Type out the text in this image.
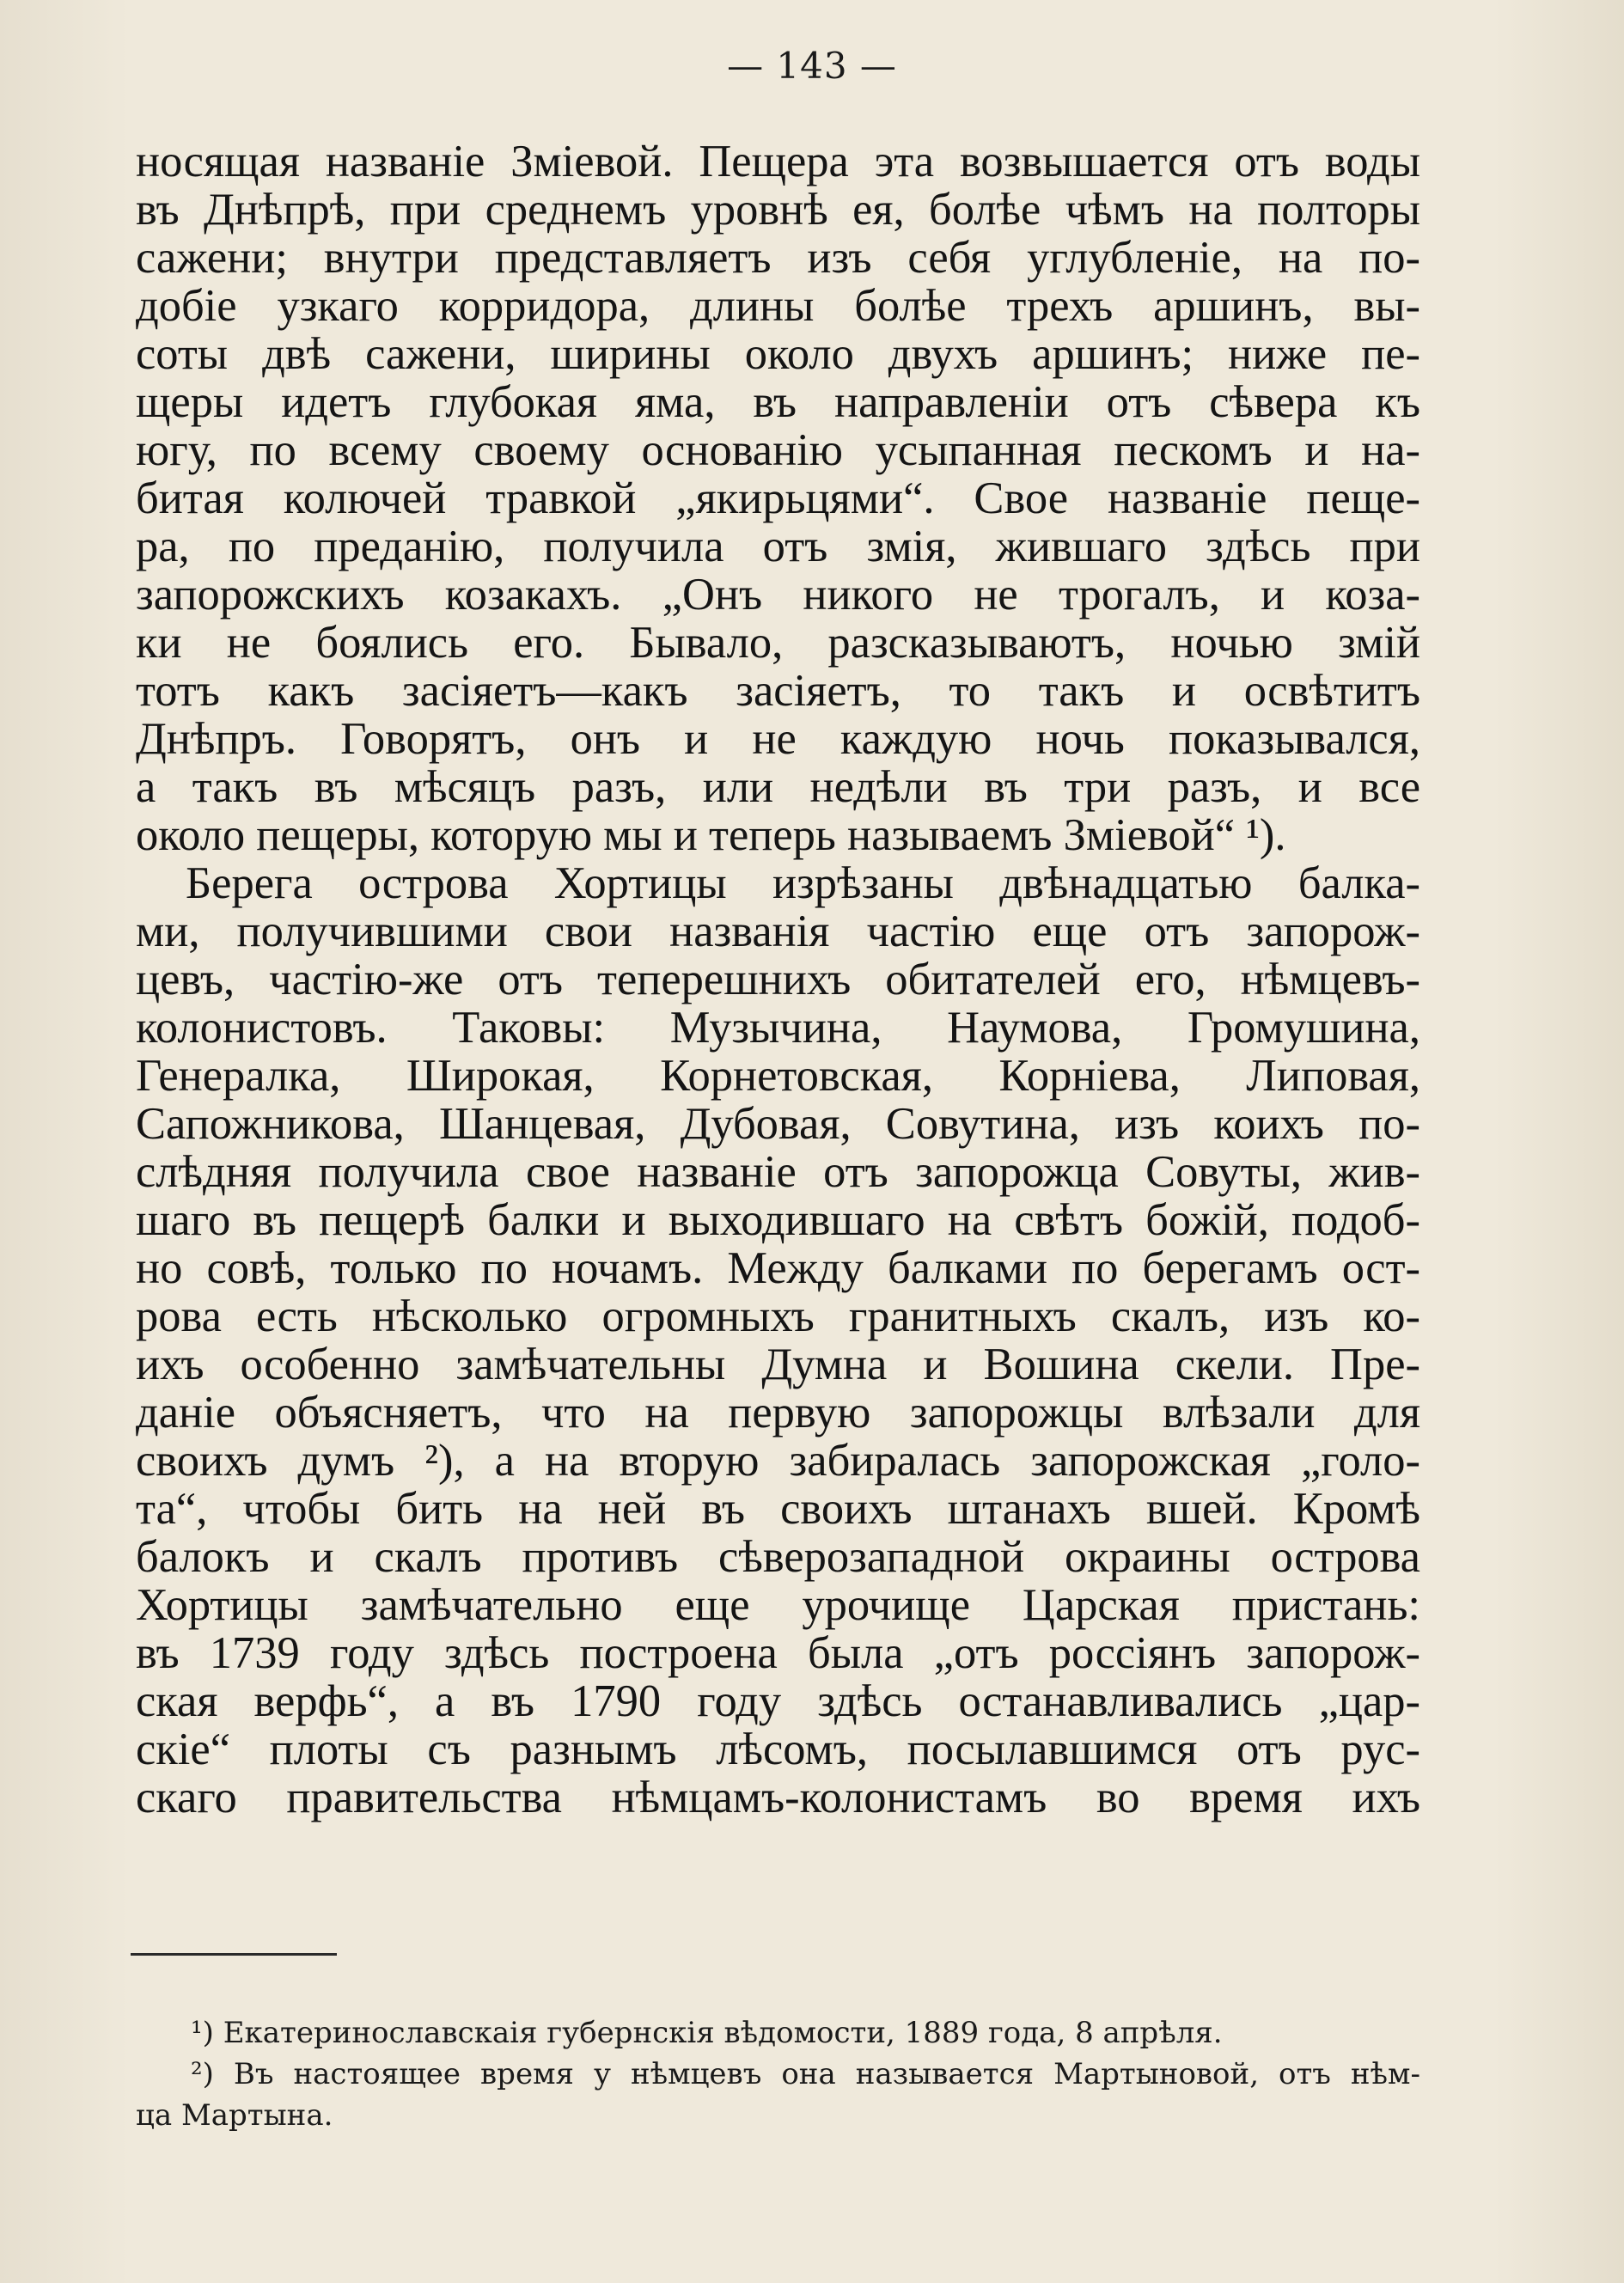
— 143 —
носящая названіе Зміевой. Пещера эта возвышается отъ воды
въ Днѣпрѣ, при среднемъ уровнѣ ея, болѣе чѣмъ на полторы
сажени; внутри представляетъ изъ себя углубленіе, на по-
добіе узкаго корридора, длины болѣе трехъ аршинъ, вы-
соты двѣ сажени, ширины около двухъ аршинъ; ниже пе-
щеры идетъ глубокая яма, въ направленіи отъ сѣвера къ
югу, по всему своему основанію усыпанная пескомъ и на-
битая колючей травкой „якирьцями“. Свое названіе пеще-
ра, по преданію, получила отъ змія, жившаго здѣсь при
запорожскихъ козакахъ. „Онъ никого не трогалъ, и коза-
ки не боялись его. Бывало, разсказываютъ, ночью змій
тотъ какъ засіяетъ—какъ засіяетъ, то такъ и освѣтитъ
Днѣпръ. Говорятъ, онъ и не каждую ночь показывался,
а такъ въ мѣсяцъ разъ, или недѣли въ три разъ, и все
около пещеры, которую мы и теперь называемъ Зміевой“ ¹).
Берега острова Хортицы изрѣзаны двѣнадцатью балка-
ми, получившими свои названія частію еще отъ запорож-
цевъ, частію-же отъ теперешнихъ обитателей его, нѣмцевъ-
колонистовъ. Таковы: Музычина, Наумова, Громушина,
Генералка, Широкая, Корнетовская, Корніева, Липовая,
Сапожникова, Шанцевая, Дубовая, Совутина, изъ коихъ по-
слѣдняя получила свое названіе отъ запорожца Совуты, жив-
шаго въ пещерѣ балки и выходившаго на свѣтъ божій, подоб-
но совѣ, только по ночамъ. Между балками по берегамъ ост-
рова есть нѣсколько огромныхъ гранитныхъ скалъ, изъ ко-
ихъ особенно замѣчательны Думна и Вошина скели. Пре-
даніе объясняетъ, что на первую запорожцы влѣзали для
своихъ думъ ²), а на вторую забиралась запорожская „голо-
та“, чтобы бить на ней въ своихъ штанахъ вшей. Кромѣ
балокъ и скалъ противъ сѣверозападной окраины острова
Хортицы замѣчательно еще урочище Царская пристань:
въ 1739 году здѣсь построена была „отъ россіянъ запорож-
ская верфь“, а въ 1790 году здѣсь останавливались „цар-
скіе“ плоты съ разнымъ лѣсомъ, посылавшимся отъ рус-
скаго правительства нѣмцамъ-колонистамъ во время ихъ
¹) Екатеринославскаія губернскія вѣдомости, 1889 года, 8 апрѣля.
²) Въ настоящее время у нѣмцевъ она называется Мартыновой, отъ нѣм-
ца Мартына.
